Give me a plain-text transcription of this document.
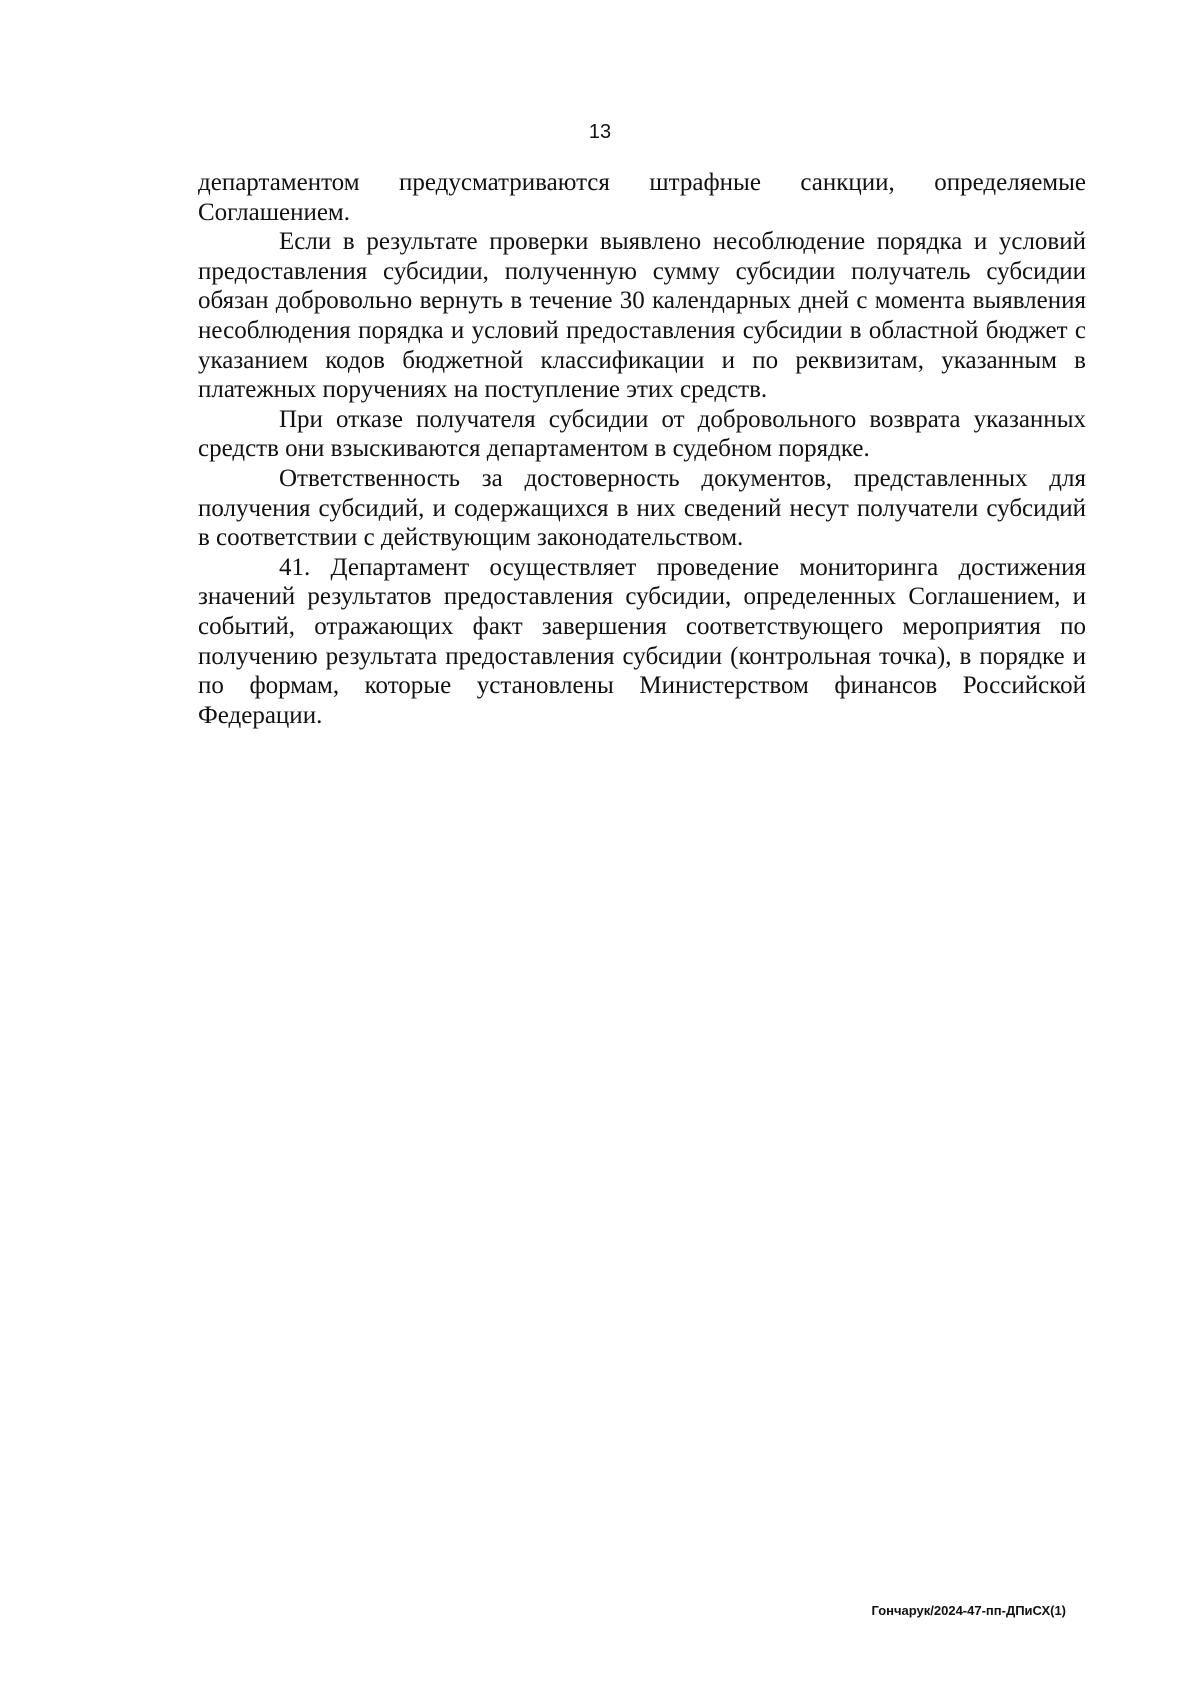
13

департаментом предусматриваются штрафные санкции, определяемые Соглашением.

Если в результате проверки выявлено несоблюдение порядка и условий предоставления субсидии, полученную сумму субсидии получатель субсидии обязан добровольно вернуть в течение 30 календарных дней с момента выявления несоблюдения порядка и условий предоставления субсидии в областной бюджет с указанием кодов бюджетной классификации и по реквизитам, указанным в платежных поручениях на поступление этих средств.

При отказе получателя субсидии от добровольного возврата указанных средств они взыскиваются департаментом в судебном порядке.

Ответственность за достоверность документов, представленных для получения субсидий, и содержащихся в них сведений несут получатели субсидий в соответствии с действующим законодательством.

41. Департамент осуществляет проведение мониторинга достижения значений результатов предоставления субсидии, определенных Соглашением, и событий, отражающих факт завершения соответствующего мероприятия по получению результата предоставления субсидии (контрольная точка), в порядке и по формам, которые установлены Министерством финансов Российской Федерации.

Гончарук/2024-47-пп-ДПиСХ(1)
